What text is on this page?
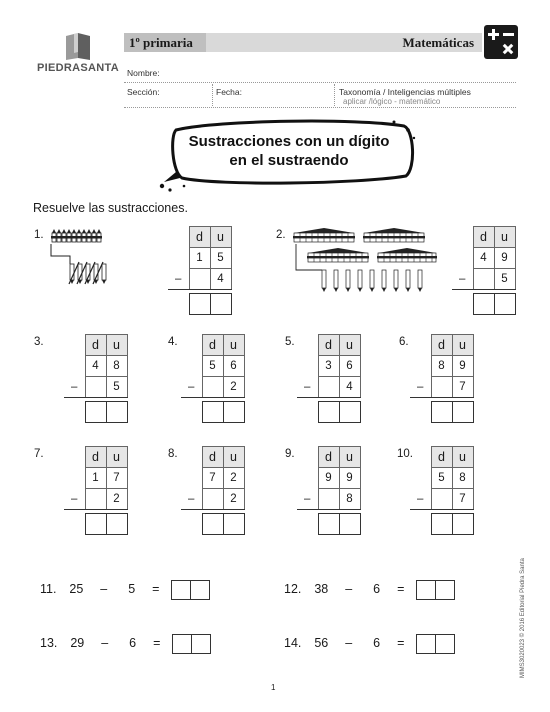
PIEDRASANTA
1º primaria	Matemáticas
Nombre:
Sección:	Fecha:	Taxonomía / Inteligencias múltiples
aplicar /lógico - matemático
Sustracciones con un dígito
en el sustraendo
Resuelve las sustracciones.
1.
		d	u
	1	5
–		4

2.
		d	u
	4	9
–		5

3.
		d	u
	4	8
–		5

4.
		d	u
	5	6
–		2

5.
	d	u
	3	6
–		4

6.
	d	u
	8	9
–		7

7.
		d	u
	1	7
–		2

8.
		d	u
	7	2
–		2

9.
	d	u
	9	9
–		8

10.
	d	u
	5	8
–		7

11. 25 – 5 =	12. 38 – 6 =
13. 29 – 6 =	14. 56 – 6 =
1
MIMS3020023 © 2016 Editorial Piedra Santa
